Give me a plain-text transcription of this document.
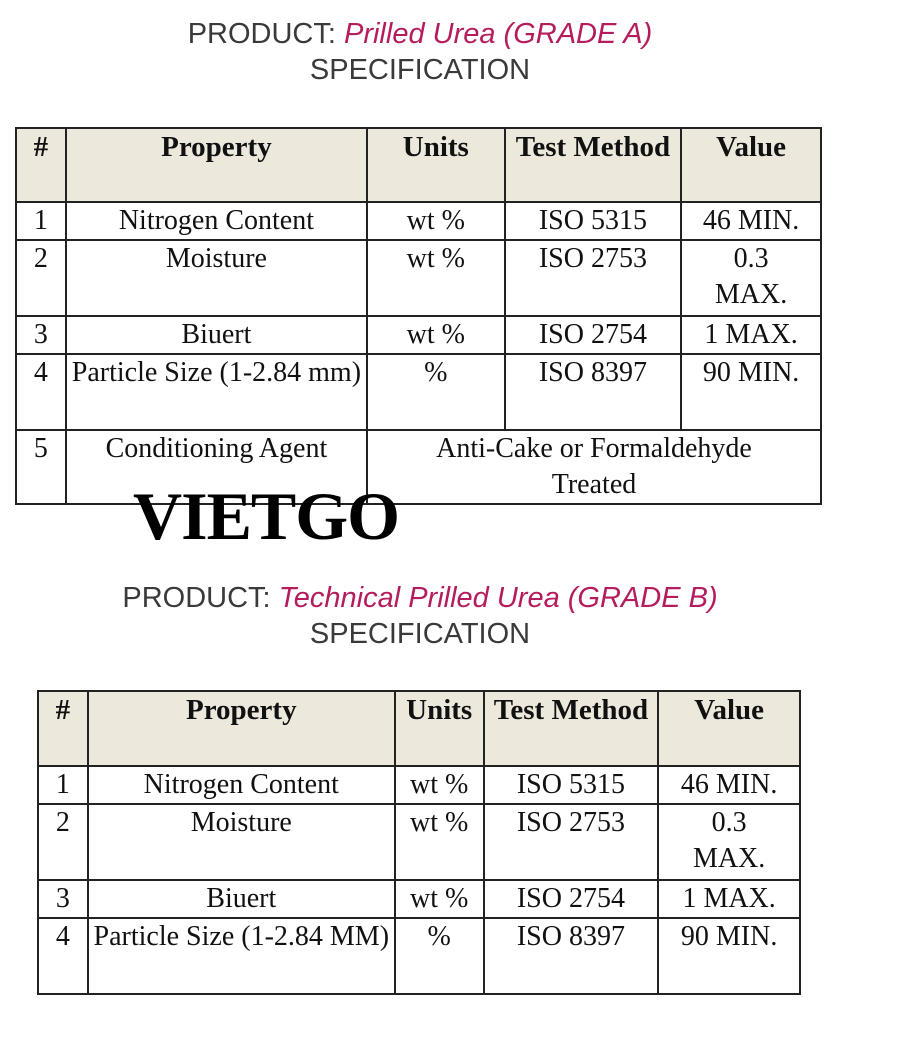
PRODUCT: Prilled Urea (GRADE A)
SPECIFICATION
#	Property	Units	Test Method	Value
1	Nitrogen Content	wt %	ISO 5315	46 MIN.
2	Moisture	wt %	ISO 2753	0.3 MAX.
3	Biuert	wt %	ISO 2754	1 MAX.
4	Particle Size (1-2.84 mm)	%	ISO 8397	90 MIN.
5	Conditioning Agent	Anti-Cake or Formaldehyde Treated		
VIETGO
PRODUCT: Technical Prilled Urea (GRADE B)
SPECIFICATION
#	Property	Units	Test Method	Value
1	Nitrogen Content	wt %	ISO 5315	46 MIN.
2	Moisture	wt %	ISO 2753	0.3 MAX.
3	Biuert	wt %	ISO 2754	1 MAX.
4	Particle Size (1-2.84 MM)	%	ISO 8397	90 MIN.
